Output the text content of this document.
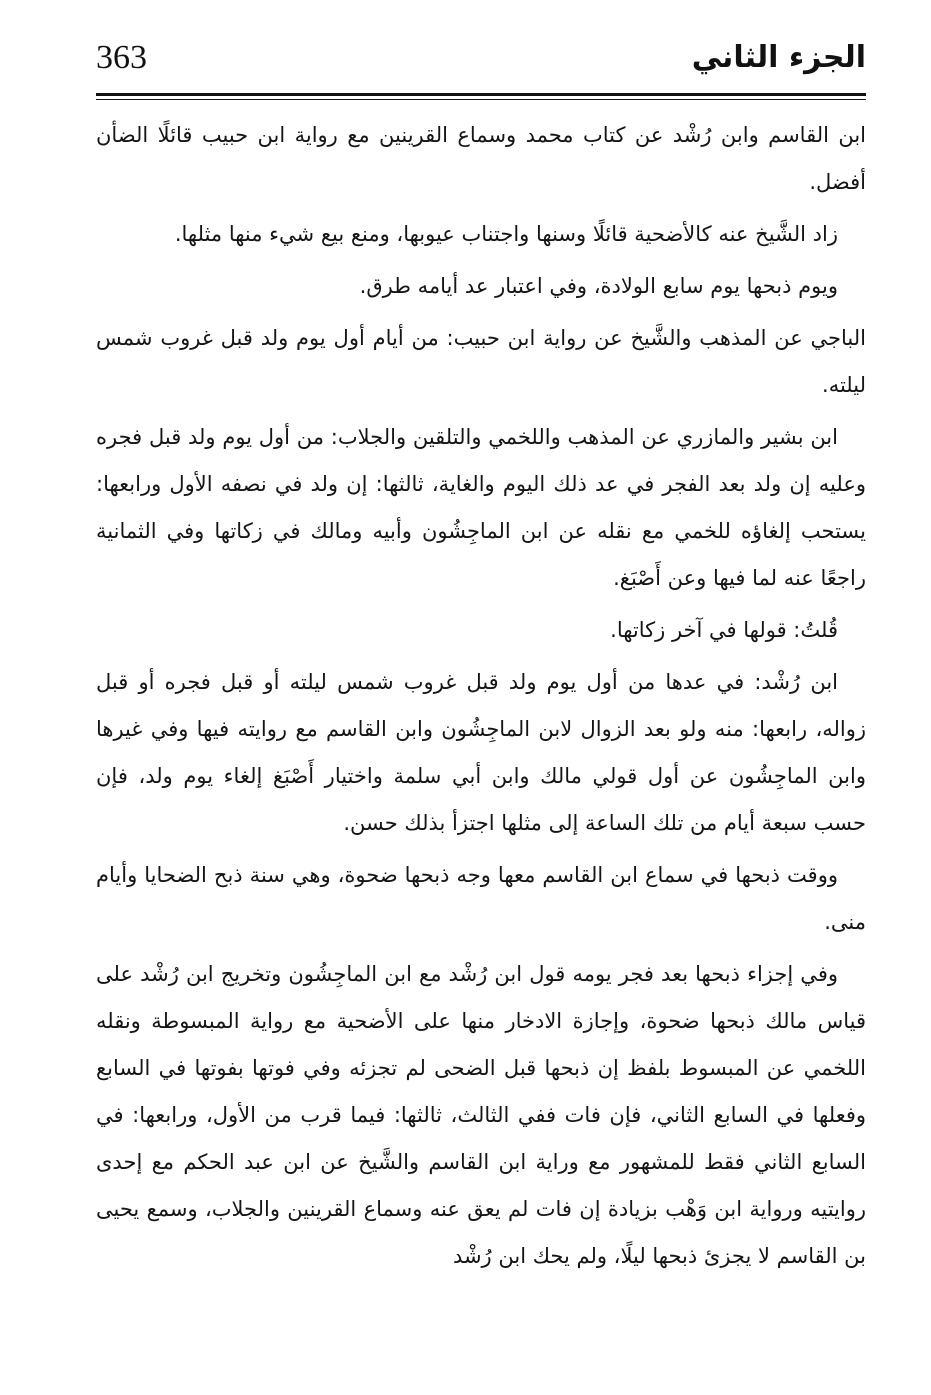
363	الجزء الثاني

ابن القاسم وابن رُشْد عن كتاب محمد وسماع القرينين مع رواية ابن حبيب قائلًا الضأن أفضل.

زاد الشَّيخ عنه كالأضحية قائلًا وسنها واجتناب عيوبها، ومنع بيع شيء منها مثلها.

ويوم ذبحها يوم سابع الولادة، وفي اعتبار عد أيامه طرق.

الباجي عن المذهب والشَّيخ عن رواية ابن حبيب: من أيام أول يوم ولد قبل غروب شمس ليلته.

ابن بشير والمازري عن المذهب واللخمي والتلقين والجلاب: من أول يوم ولد قبل فجره وعليه إن ولد بعد الفجر في عد ذلك اليوم والغاية، ثالثها: إن ولد في نصفه الأول ورابعها: يستحب إلغاؤه للخمي مع نقله عن ابن الماجِشُون وأبيه ومالك في زكاتها وفي الثمانية راجعًا عنه لما فيها وعن أَصْبَغ.

قُلتُ: قولها في آخر زكاتها.

ابن رُشْد: في عدها من أول يوم ولد قبل غروب شمس ليلته أو قبل فجره أو قبل زواله، رابعها: منه ولو بعد الزوال لابن الماجِشُون وابن القاسم مع روايته فيها وفي غيرها وابن الماجِشُون عن أول قولي مالك وابن أبي سلمة واختيار أَصْبَغ إلغاء يوم ولد، فإن حسب سبعة أيام من تلك الساعة إلى مثلها اجتزأ بذلك حسن.

ووقت ذبحها في سماع ابن القاسم معها وجه ذبحها ضحوة، وهي سنة ذبح الضحايا وأيام منى.

وفي إجزاء ذبحها بعد فجر يومه قول ابن رُشْد مع ابن الماجِشُون وتخريج ابن رُشْد على قياس مالك ذبحها ضحوة، وإجازة الادخار منها على الأضحية مع رواية المبسوطة ونقله اللخمي عن المبسوط بلفظ إن ذبحها قبل الضحى لم تجزئه وفي فوتها بفوتها في السابع وفعلها في السابع الثاني، فإن فات ففي الثالث، ثالثها: فيما قرب من الأول، ورابعها: في السابع الثاني فقط للمشهور مع وراية ابن القاسم والشَّيخ عن ابن عبد الحكم مع إحدى روايتيه ورواية ابن وَهْب بزيادة إن فات لم يعق عنه وسماع القرينين والجلاب، وسمع يحيى بن القاسم لا يجزئ ذبحها ليلًا، ولم يحك ابن رُشْد
